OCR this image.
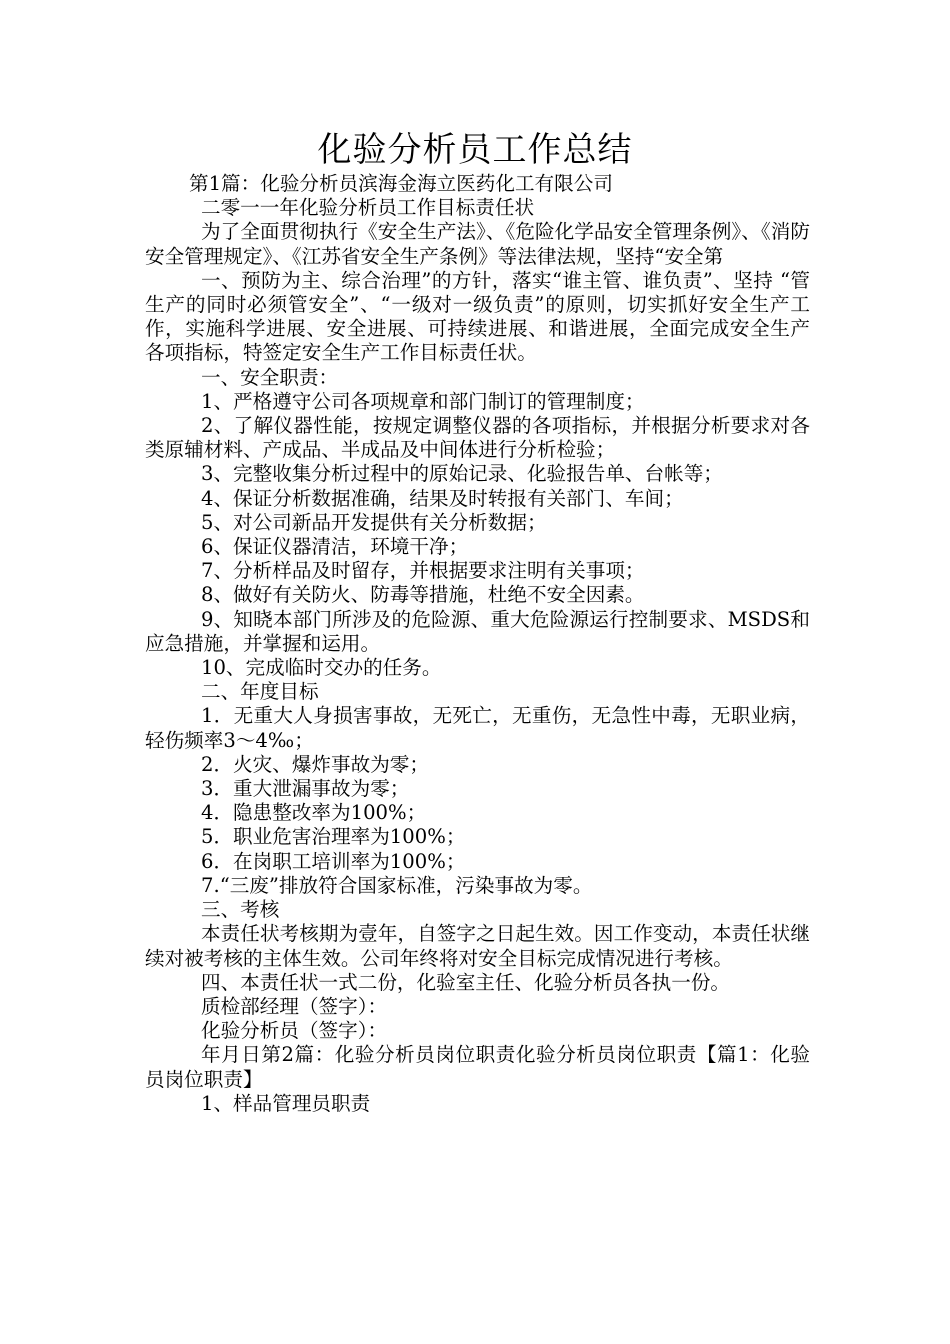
化验分析员工作总结

第1篇：化验分析员滨海金海立医药化工有限公司

二零一一年化验分析员工作目标责任状

为了全面贯彻执行《安全生产法》、《危险化学品安全管理条例》、《消防安全管理规定》、《江苏省安全生产条例》等法律法规，坚持“安全第

一、预防为主、综合治理”的方针，落实“谁主管、谁负责”、坚持 “管生产的同时必须管安全”、“一级对一级负责”的原则，切实抓好安全生产工作，实施科学进展、安全进展、可持续进展、和谐进展，全面完成安全生产各项指标，特签定安全生产工作目标责任状。

一、安全职责：

1、严格遵守公司各项规章和部门制订的管理制度；

2、了解仪器性能，按规定调整仪器的各项指标，并根据分析要求对各类原辅材料、产成品、半成品及中间体进行分析检验；

3、完整收集分析过程中的原始记录、化验报告单、台帐等；

4、保证分析数据准确，结果及时转报有关部门、车间；

5、对公司新品开发提供有关分析数据；

6、保证仪器清洁，环境干净；

7、分析样品及时留存，并根据要求注明有关事项；

8、做好有关防火、防毒等措施，杜绝不安全因素。

9、知晓本部门所涉及的危险源、重大危险源运行控制要求、MSDS和应急措施，并掌握和运用。

10、完成临时交办的任务。

二、年度目标

1．无重大人身损害事故，无死亡，无重伤，无急性中毒，无职业病，轻伤频率3～4‰；

2．火灾、爆炸事故为零；

3．重大泄漏事故为零；

4．隐患整改率为100%；

5．职业危害治理率为100%；

6．在岗职工培训率为100%；

7.“三废”排放符合国家标准，污染事故为零。

三、考核

本责任状考核期为壹年，自签字之日起生效。因工作变动，本责任状继续对被考核的主体生效。公司年终将对安全目标完成情况进行考核。

四、本责任状一式二份，化验室主任、化验分析员各执一份。

质检部经理（签字）：

化验分析员（签字）：

年月日第2篇：化验分析员岗位职责化验分析员岗位职责【篇1：化验员岗位职责】

1、样品管理员职责
